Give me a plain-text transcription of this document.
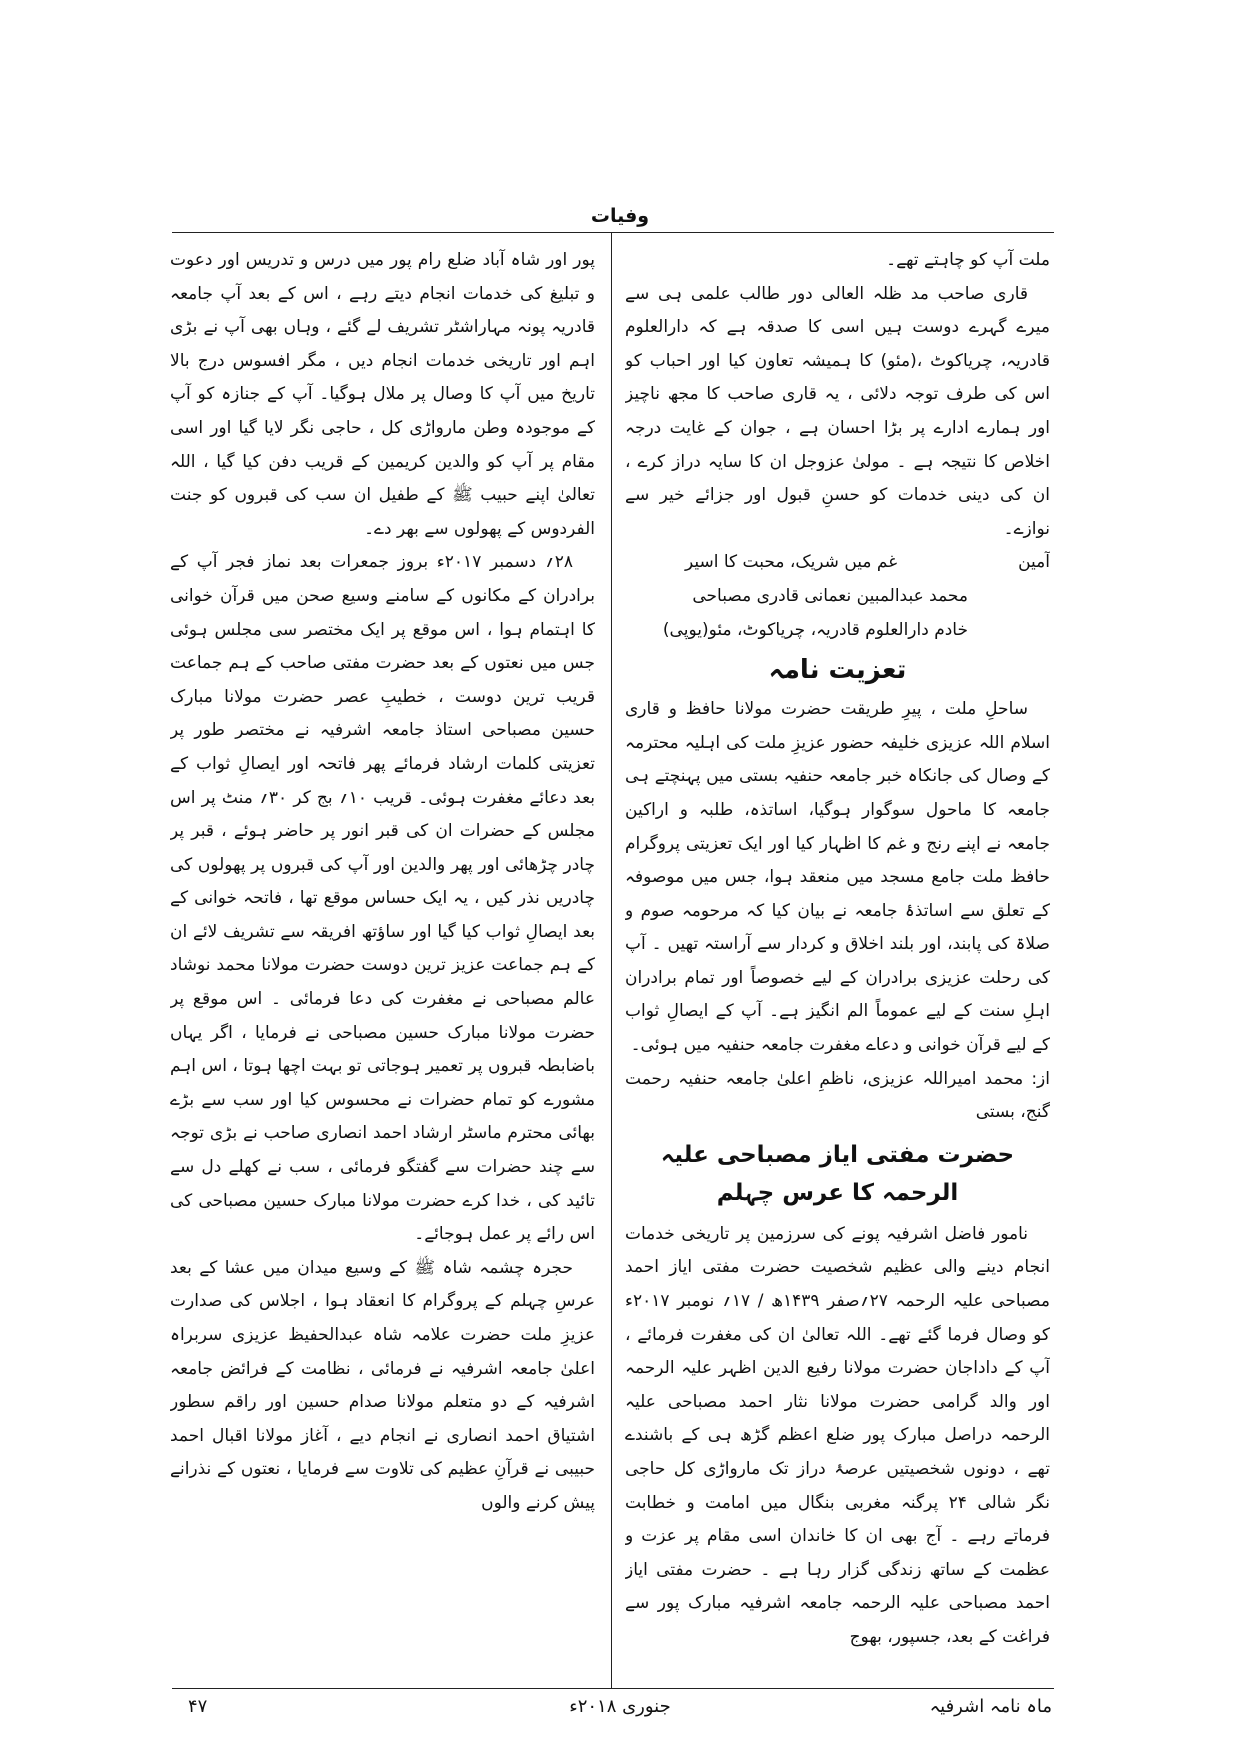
وفیات

ملت آپ کو چاہتے تھے۔

قاری صاحب مد ظلہ العالی دور طالب علمی ہی سے میرے گہرے دوست ہیں اسی کا صدقہ ہے کہ دارالعلوم قادریہ، چریاکوٹ ،(مئو) کا ہمیشہ تعاون کیا اور احباب کو اس کی طرف توجہ دلائی ، یہ قاری صاحب کا مجھ ناچیز اور ہمارے ادارے پر بڑا احسان ہے ، جوان کے غایت درجہ اخلاص کا نتیجہ ہے ۔ مولیٰ عزوجل ان کا سایہ دراز کرے ، ان کی دینی خدمات کو حسنِ قبول اور جزائے خیر سے نوازے۔

آمین
غم میں شریک، محبت کا اسیر

محمد عبدالمبین نعمانی قادری مصباحی

خادم دارالعلوم قادریہ، چریاکوٹ، مئو(یوپی)

تعزیت نامہ

ساحلِ ملت ، پیرِ طریقت حضرت مولانا حافظ و قاری اسلام اللہ عزیزی خلیفہ حضور عزیزِ ملت کی اہلیہ محترمہ کے وصال کی جانکاہ خبر جامعہ حنفیہ بستی میں پہنچتے ہی جامعہ کا ماحول سوگوار ہوگیا، اساتذہ، طلبہ و اراکین جامعہ نے اپنے رنج و غم کا اظہار کیا اور ایک تعزیتی پروگرام حافظ ملت جامع مسجد میں منعقد ہوا، جس میں موصوفہ کے تعلق سے اساتذۂ جامعہ نے بیان کیا کہ مرحومہ صوم و صلاۃ کی پابند، اور بلند اخلاق و کردار سے آراستہ تھیں ۔ آپ کی رحلت عزیزی برادران کے لیے خصوصاً اور تمام برادران اہلِ سنت کے لیے عموماً الم انگیز ہے۔ آپ کے ایصالِ ثواب کے لیے قرآن خوانی و دعاے مغفرت جامعہ حنفیہ میں ہوئی۔

از: محمد امیراللہ عزیزی، ناظمِ اعلیٰ جامعہ حنفیہ رحمت گنج، بستی

حضرت مفتی ایاز مصباحی علیہ الرحمہ کا عرس چہلم

نامور فاضل اشرفیہ پونے کی سرزمین پر تاریخی خدمات انجام دینے والی عظیم شخصیت حضرت مفتی ایاز احمد مصباحی علیہ الرحمہ ۲۷؍صفر ۱۴۳۹ھ / ۱۷؍ نومبر ۲۰۱۷ء کو وصال فرما گئے تھے۔ اللہ تعالیٰ ان کی مغفرت فرمائے ، آپ کے داداجان حضرت مولانا رفیع الدین اظہر علیہ الرحمہ اور والد گرامی حضرت مولانا نثار احمد مصباحی علیہ الرحمہ دراصل مبارک پور ضلع اعظم گڑھ ہی کے باشندے تھے ، دونوں شخصیتیں عرصۂ دراز تک مارواڑی کل حاجی نگر شالی ۲۴ پرگنہ مغربی بنگال میں امامت و خطابت فرماتے رہے ۔ آج بھی ان کا خاندان اسی مقام پر عزت و عظمت کے ساتھ زندگی گزار رہا ہے ۔ حضرت مفتی ایاز احمد مصباحی علیہ الرحمہ جامعہ اشرفیہ مبارک پور سے فراغت کے بعد، جسپور، بھوج

پور اور شاہ آباد ضلع رام پور میں درس و تدریس اور دعوت و تبلیغ کی خدمات انجام دیتے رہے ، اس کے بعد آپ جامعہ قادریہ پونہ مہاراشٹر تشریف لے گئے ، وہاں بھی آپ نے بڑی اہم اور تاریخی خدمات انجام دیں ، مگر افسوس درج بالا تاریخ میں آپ کا وصال پر ملال ہوگیا۔ آپ کے جنازہ کو آپ کے موجودہ وطن مارواڑی کل ، حاجی نگر لایا گیا اور اسی مقام پر آپ کو والدین کریمین کے قریب دفن کیا گیا ، اللہ تعالیٰ اپنے حبیب ﷺ کے طفیل ان سب کی قبروں کو جنت الفردوس کے پھولوں سے بھر دے۔

۲۸؍ دسمبر ۲۰۱۷ء بروز جمعرات بعد نماز فجر آپ کے برادران کے مکانوں کے سامنے وسیع صحن میں قرآن خوانی کا اہتمام ہوا ، اس موقع پر ایک مختصر سی مجلس ہوئی جس میں نعتوں کے بعد حضرت مفتی صاحب کے ہم جماعت قریب ترین دوست ، خطیبِ عصر حضرت مولانا مبارک حسین مصباحی استاذ جامعہ اشرفیہ نے مختصر طور پر تعزیتی کلمات ارشاد فرمائے پھر فاتحہ اور ایصالِ ثواب کے بعد دعائے مغفرت ہوئی۔ قریب ۱۰؍ بج کر ۳۰؍ منٹ پر اس مجلس کے حضرات ان کی قبر انور پر حاضر ہوئے ، قبر پر چادر چڑھائی اور پھر والدین اور آپ کی قبروں پر پھولوں کی چادریں نذر کیں ، یہ ایک حساس موقع تھا ، فاتحہ خوانی کے بعد ایصالِ ثواب کیا گیا اور ساؤتھ افریقہ سے تشریف لائے ان کے ہم جماعت عزیز ترین دوست حضرت مولانا محمد نوشاد عالم مصباحی نے مغفرت کی دعا فرمائی ۔ اس موقع پر حضرت مولانا مبارک حسین مصباحی نے فرمایا ، اگر یہاں باضابطہ قبروں پر تعمیر ہوجاتی تو بہت اچھا ہوتا ، اس اہم مشورے کو تمام حضرات نے محسوس کیا اور سب سے بڑے بھائی محترم ماسٹر ارشاد احمد انصاری صاحب نے بڑی توجہ سے چند حضرات سے گفتگو فرمائی ، سب نے کھلے دل سے تائید کی ، خدا کرے حضرت مولانا مبارک حسین مصباحی کی اس رائے پر عمل ہوجائے۔

حجرہ چشمہ شاہ ﷺ کے وسیع میدان میں عشا کے بعد عرسِ چہلم کے پروگرام کا انعقاد ہوا ، اجلاس کی صدارت عزیزِ ملت حضرت علامہ شاہ عبدالحفیظ عزیزی سربراہ اعلیٰ جامعہ اشرفیہ نے فرمائی ، نظامت کے فرائض جامعہ اشرفیہ کے دو متعلم مولانا صدام حسین اور راقم سطور اشتیاق احمد انصاری نے انجام دیے ، آغاز مولانا اقبال احمد حبیبی نے قرآنِ عظیم کی تلاوت سے فرمایا ، نعتوں کے نذرانے پیش کرنے والوں

ماہ نامہ اشرفیہ
جنوری ۲۰۱۸ء
۴۷
